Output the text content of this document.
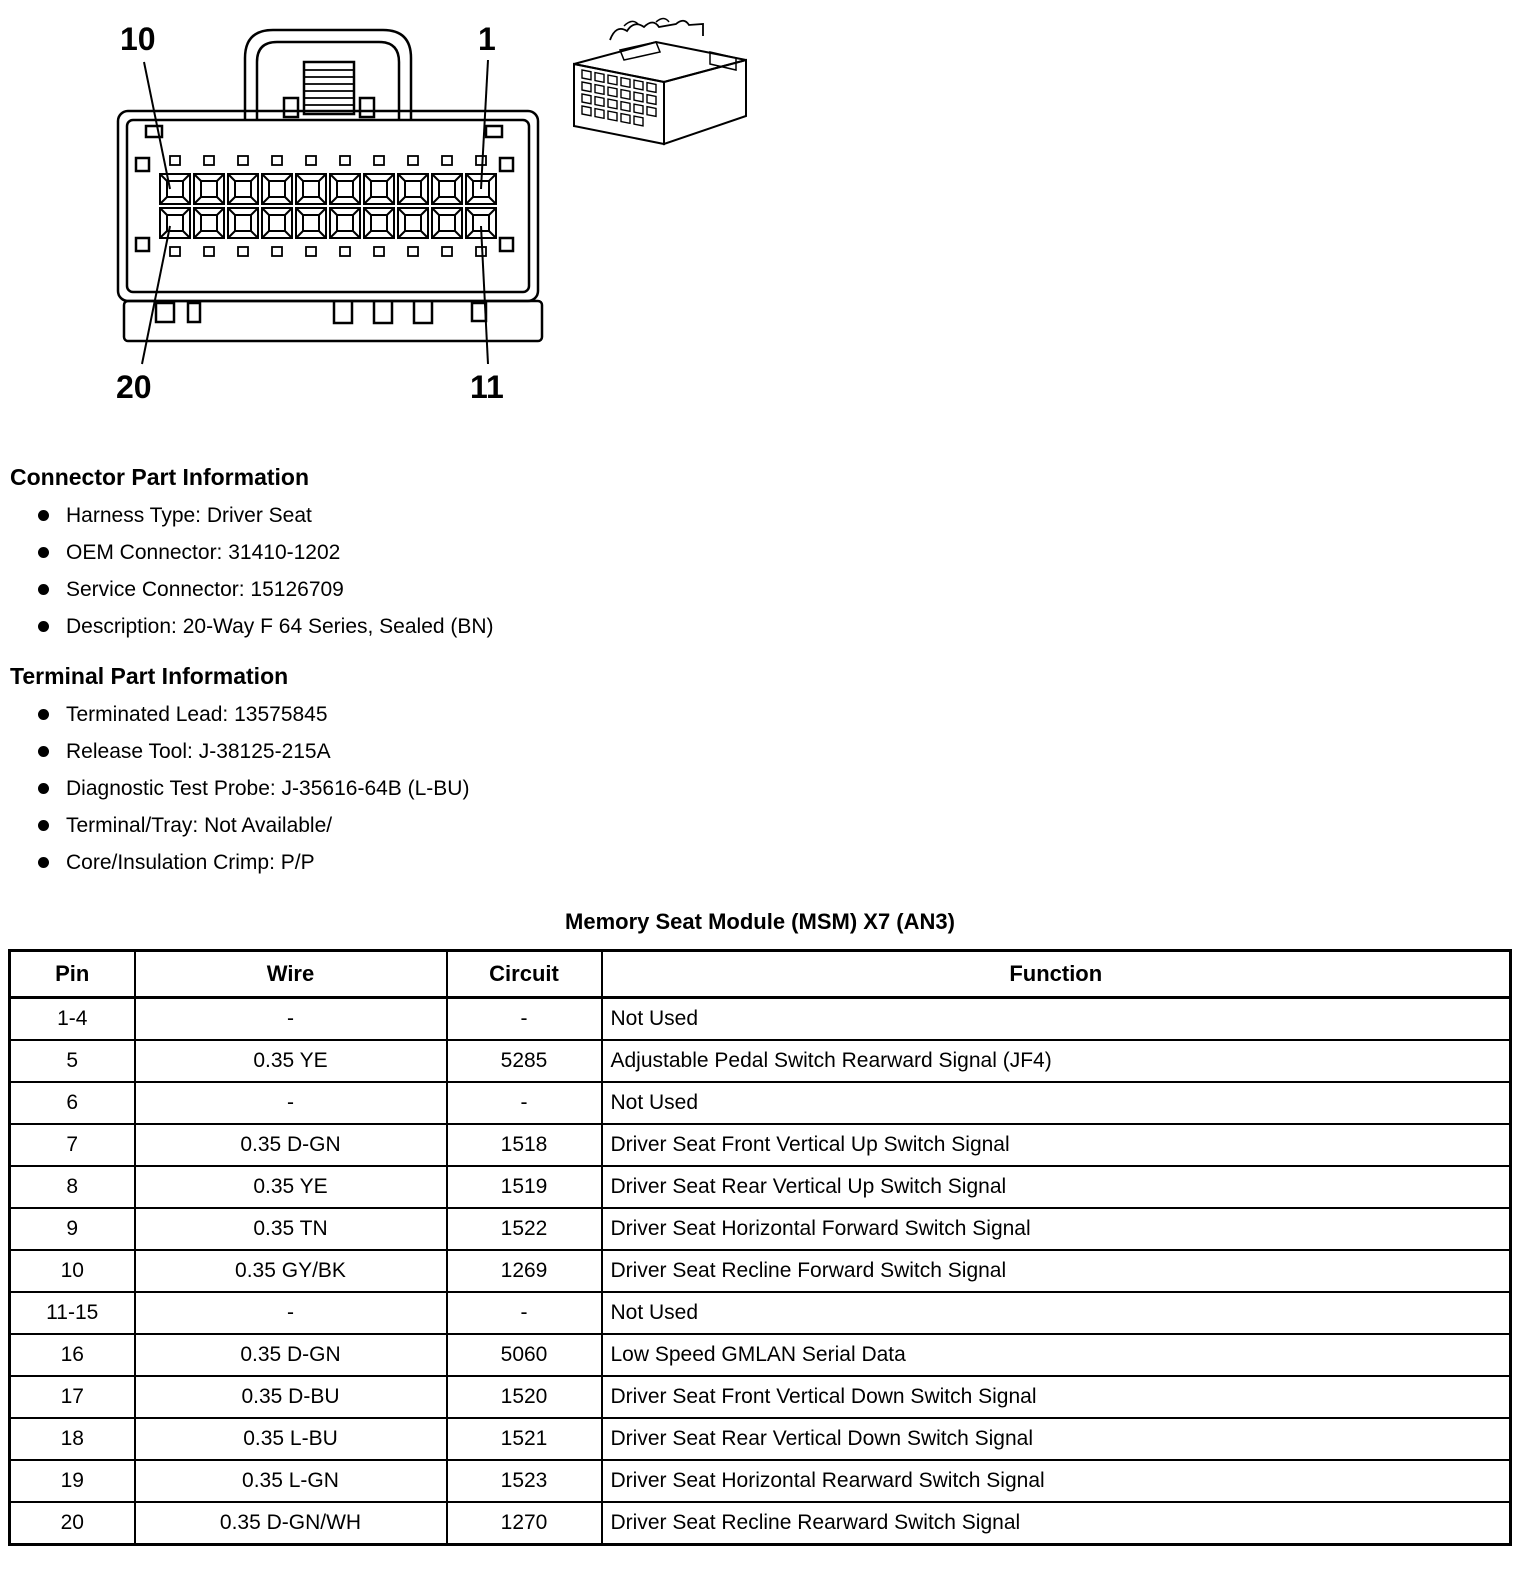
10	1
20	11
Connector Part Information
Harness Type: Driver Seat
OEM Connector: 31410-1202
Service Connector: 15126709
Description: 20-Way F 64 Series, Sealed (BN)
Terminal Part Information
Terminated Lead: 13575845
Release Tool: J-38125-215A
Diagnostic Test Probe: J-35616-64B (L-BU)
Terminal/Tray: Not Available/
Core/Insulation Crimp: P/P
Memory Seat Module (MSM) X7 (AN3)
Pin	Wire	Circuit	Function
1-4	-	-	Not Used
5	0.35 YE	5285	Adjustable Pedal Switch Rearward Signal (JF4)
6	-	-	Not Used
7	0.35 D-GN	1518	Driver Seat Front Vertical Up Switch Signal
8	0.35 YE	1519	Driver Seat Rear Vertical Up Switch Signal
9	0.35 TN	1522	Driver Seat Horizontal Forward Switch Signal
10	0.35 GY/BK	1269	Driver Seat Recline Forward Switch Signal
11-15	-	-	Not Used
16	0.35 D-GN	5060	Low Speed GMLAN Serial Data
17	0.35 D-BU	1520	Driver Seat Front Vertical Down Switch Signal
18	0.35 L-BU	1521	Driver Seat Rear Vertical Down Switch Signal
19	0.35 L-GN	1523	Driver Seat Horizontal Rearward Switch Signal
20	0.35 D-GN/WH	1270	Driver Seat Recline Rearward Switch Signal
